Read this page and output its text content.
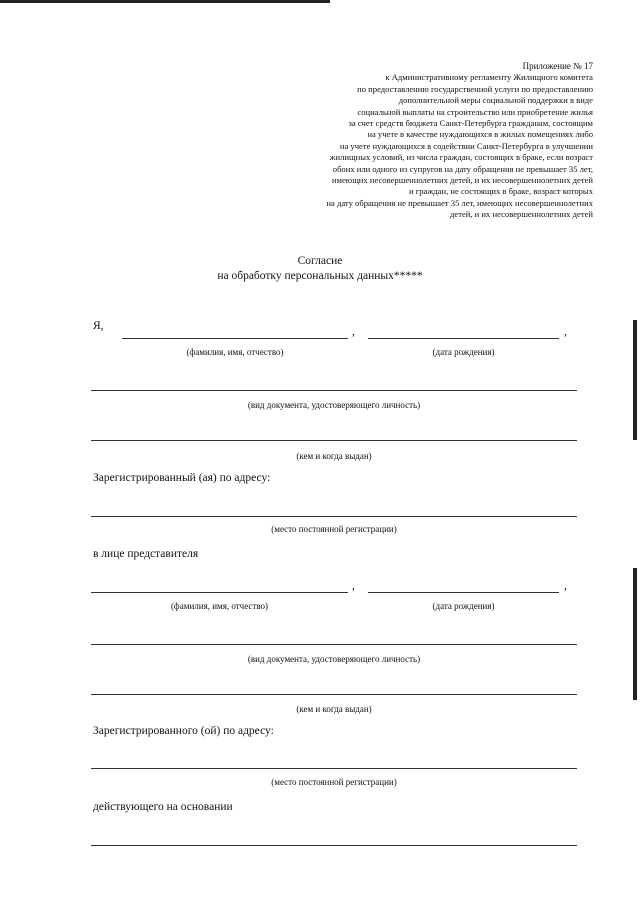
Приложение № 17
к Административному регламенту Жилищного комитета
по предоставлению государственной услуги по предоставлению
дополнительной меры социальной поддержки в виде
социальной выплаты на строительство или приобретение жилья
за счет средств бюджета Санкт-Петербурга гражданам, состоящим
на учете в качестве нуждающихся в жилых помещениях либо
на учете нуждающихся в содействии Санкт-Петербурга в улучшении
жилищных условий, из числа граждан, состоящих в браке, если возраст
обоих или одного из супругов на дату обращения не превышает 35 лет,
имеющих несовершеннолетних детей, и их несовершеннолетних детей
и граждан, не состоящих в браке, возраст которых
на дату обращения не превышает 35 лет, имеющих несовершеннолетних
детей, и их несовершеннолетних детей
Согласие
на обработку персональных данных*****
Я,	,	,
(фамилия, имя, отчество)	(дата рождения)
(вид документа, удостоверяющего личность)
(кем и когда выдан)
Зарегистрированный (ая) по адресу:
(место постоянной регистрации)
в лице представителя
,	,
(фамилия, имя, отчество)	(дата рождения)
(вид документа, удостоверяющего личность)
(кем и когда выдан)
Зарегистрированного (ой) по адресу:
(место постоянной регистрации)
действующего на основании
